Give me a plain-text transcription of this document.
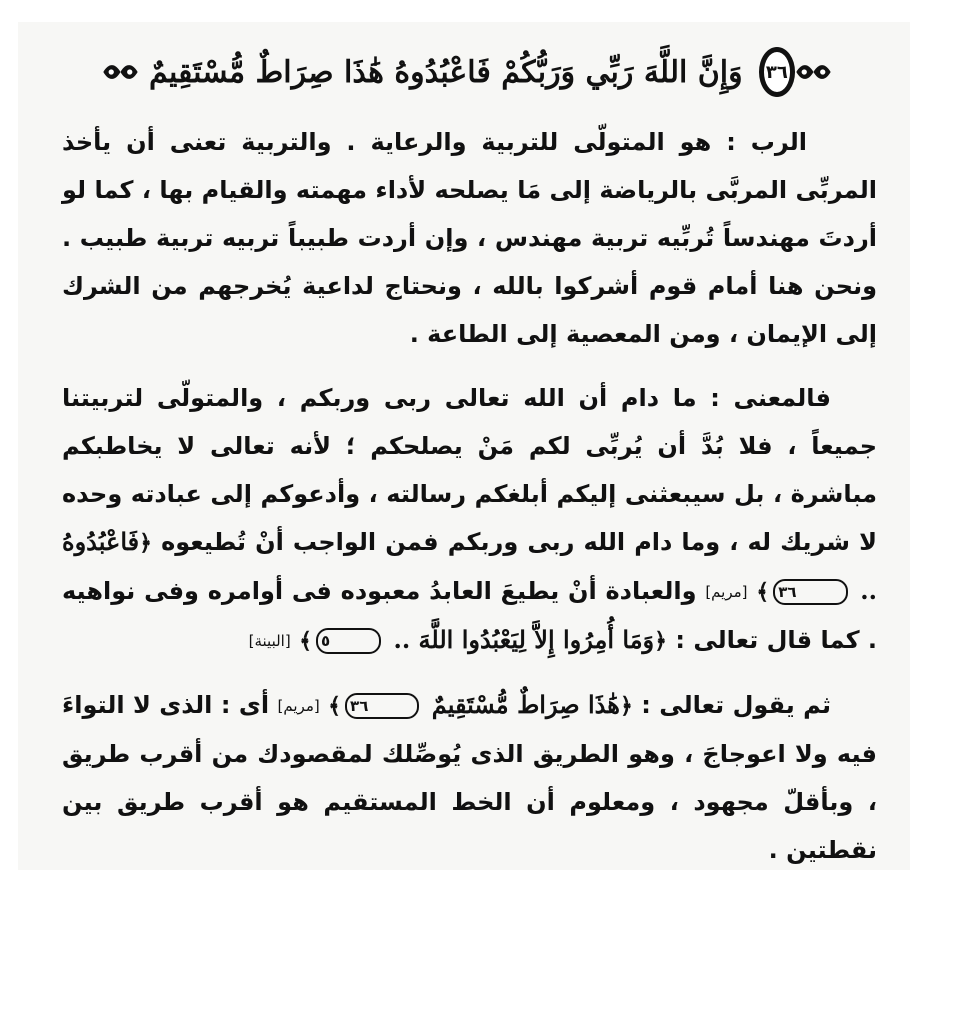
٣٦
وَإِنَّ اللَّهَ رَبِّي وَرَبُّكُمْ فَاعْبُدُوهُ هَٰذَا صِرَاطٌ مُّسْتَقِيمٌ

الرب : هو المتولّى للتربية والرعاية . والتربية تعنى أن يأخذ المربِّى المربَّى بالرياضة إلى مَا يصلحه لأداء مهمته والقيام بها ، كما لو أردتَ مهندساً تُربِّيه تربية مهندس ، وإن أردت طبيباً تربيه تربية طبيب . ونحن هنا أمام قوم أشركوا بالله ، ونحتاج لداعية يُخرجهم من الشرك إلى الإيمان ، ومن المعصية إلى الطاعة .

فالمعنى : ما دام أن الله تعالى ربى وربكم ، والمتولّى لتربيتنا جميعاً ، فلا بُدَّ أن يُربِّى لكم مَنْ يصلحكم ؛ لأنه تعالى لا يخاطبكم مباشرة ، بل سيبعثنى إليكم أبلغكم رسالته ، وأدعوكم إلى عبادته وحده لا شريك له ، وما دام الله ربى وربكم فمن الواجب أنْ تُطيعوه ﴿فَاعْبُدُوهُ .. ٣٦﴾ [مريم] والعبادة أنْ يطيعَ العابدُ معبوده فى أوامره وفى نواهيه . كما قال تعالى : ﴿وَمَا أُمِرُوا إِلاَّ لِيَعْبُدُوا اللَّهَ .. ٥﴾ [البينة]

ثم يقول تعالى : ﴿هَٰذَا صِرَاطٌ مُّسْتَقِيمٌ ٣٦﴾ [مريم] أى : الذى لا التواءَ فيه ولا اعوجاجَ ، وهو الطريق الذى يُوصِّلك لمقصودك من أقرب طريق ، وبأقلّ مجهود ، ومعلوم أن الخط المستقيم هو أقرب طريق بين نقطتين .
